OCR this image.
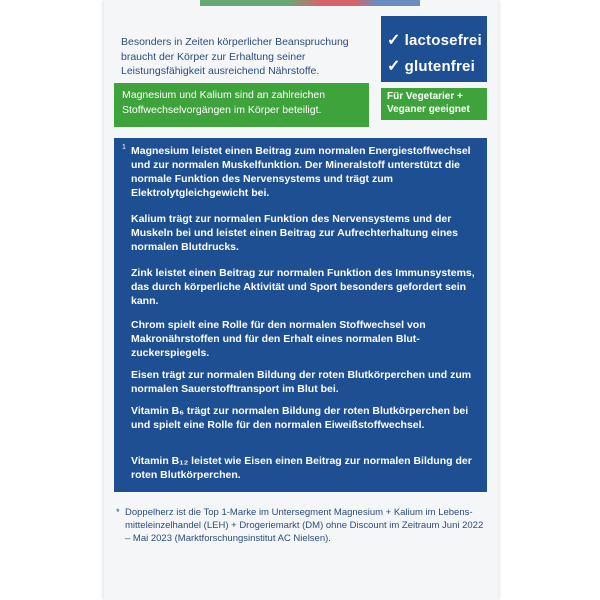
Besonders in Zeiten körperlicher Beanspruchung braucht der Körper zur Erhaltung seiner Leistungsfähigkeit ausreichend Nährstoffe.
✓ lactosefrei
✓ glutenfrei
Magnesium und Kalium sind an zahlreichen Stoffwechselvorgängen im Körper beteiligt.
Für Vegetarier + Veganer geeignet
1 Magnesium leistet einen Beitrag zum normalen Energiestoffwechsel und zur normalen Muskelfunktion. Der Mineralstoff unterstützt die normale Funktion des Nervensystems und trägt zum Elektrolytgleichgewicht bei.
Kalium trägt zur normalen Funktion des Nervensystems und der Muskeln bei und leistet einen Beitrag zur Aufrechterhaltung eines normalen Blutdrucks.
Zink leistet einen Beitrag zur normalen Funktion des Immunsystems, das durch körperliche Aktivität und Sport besonders gefordert sein kann.
Chrom spielt eine Rolle für den normalen Stoffwechsel von Makronährstoffen und für den Erhalt eines normalen Blutzuckerspiegels.
Eisen trägt zur normalen Bildung der roten Blutkörperchen und zum normalen Sauerstofftransport im Blut bei.
Vitamin B₆ trägt zur normalen Bildung der roten Blutkörperchen bei und spielt eine Rolle für den normalen Eiweißstoffwechsel.
Vitamin B₁₂ leistet wie Eisen einen Beitrag zur normalen Bildung der roten Blutkörperchen.
* Doppelherz ist die Top 1-Marke im Untersegment Magnesium + Kalium im Lebensmitteleinzelhandel (LEH) + Drogeriemarkt (DM) ohne Discount im Zeitraum Juni 2022 – Mai 2023 (Marktforschungsinstitut AC Nielsen).
